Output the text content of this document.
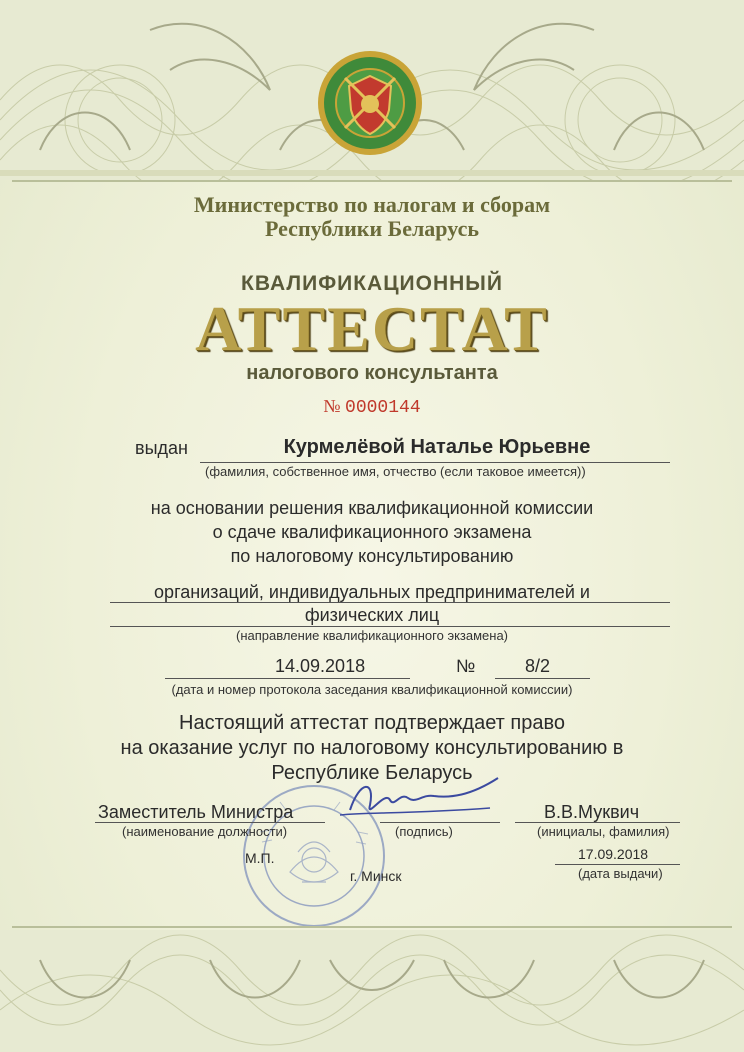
Министерство по налогам и сборам
Республики Беларусь
КВАЛИФИКАЦИОННЫЙ
АТТЕСТАТ
налогового консультанта
№ 0000144
выдан	Курмелёвой Наталье Юрьевне
(фамилия, собственное имя, отчество (если таковое имеется))
на основании решения квалификационной комиссии
о сдаче квалификационного экзамена
по налоговому консультированию
организаций, индивидуальных предпринимателей и
физических лиц
(направление квалификационного экзамена)
14.09.2018	№	8/2
(дата и номер протокола заседания квалификационной комиссии)
Настоящий аттестат подтверждает право
на оказание услуг по налоговому консультированию в
Республике Беларусь
Заместитель Министра
(наименование должности)	(подпись)
В.В.Муквич
(инициалы, фамилия)
М.П.
г. Минск
17.09.2018
(дата выдачи)
